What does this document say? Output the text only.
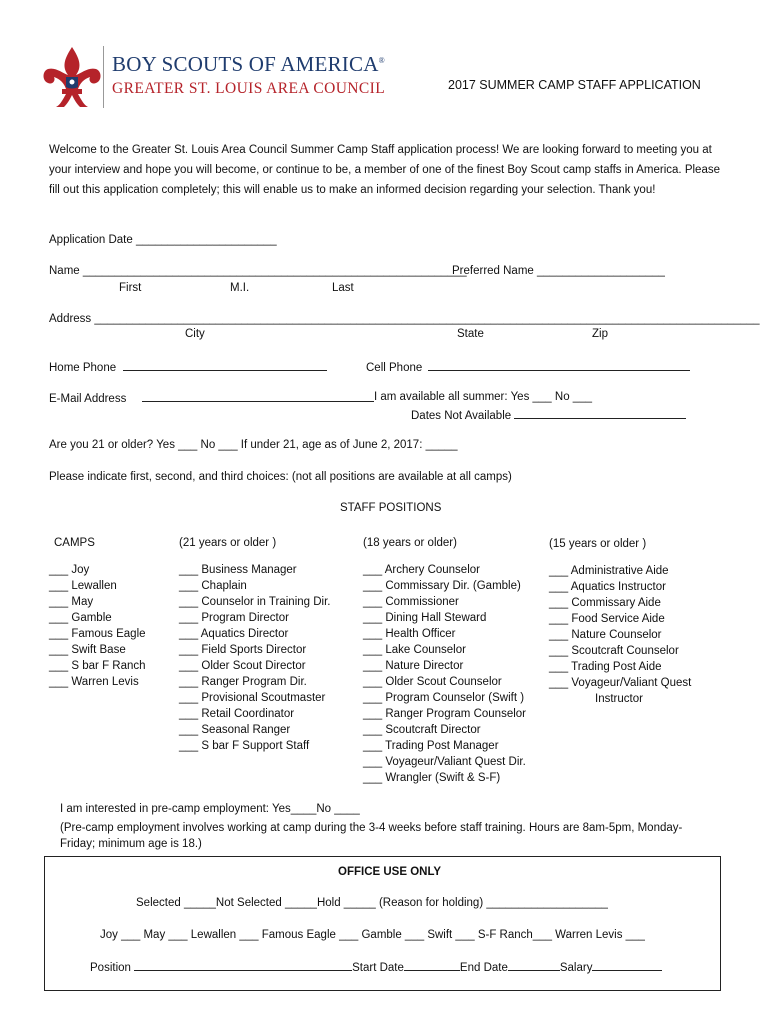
BOY SCOUTS OF AMERICA®
GREATER ST. LOUIS AREA COUNCIL	2017 SUMMER CAMP STAFF APPLICATION
Welcome to the Greater St. Louis Area Council Summer Camp Staff application process! We are looking forward to meeting you at your interview and hope you will become, or continue to be, a member of one of the finest Boy Scout camp staffs in America. Please fill out this application completely; this will enable us to make an informed decision regarding your selection. Thank you!
Application Date ______________________
Name ____________________________________________________________
Preferred Name ____________________
First	M.I.	Last
Address ________________________________________________________________________________________________________
City	State	Zip
Home Phone	Cell Phone
E-Mail Address	I am available all summer: Yes ___ No ___
Dates Not Available
Are you 21 or older? Yes ___ No ___ If under 21, age as of June 2, 2017: _____
Please indicate first, second, and third choices: (not all positions are available at all camps)
STAFF POSITIONS
CAMPS	(21 years or older )	(18 years or older)	(15 years or older )
___ Joy
___ Lewallen
___ May
___ Gamble
___ Famous Eagle
___ Swift Base
___ S bar F Ranch
___ Warren Levis
___ Business Manager
___ Chaplain
___ Counselor in Training Dir.
___ Program Director
___ Aquatics Director
___ Field Sports Director
___ Older Scout Director
___ Ranger Program Dir.
___ Provisional Scoutmaster
___ Retail Coordinator
___ Seasonal Ranger
___ S bar F Support Staff
___ Archery Counselor
___ Commissary Dir. (Gamble)
___ Commissioner
___ Dining Hall Steward
___ Health Officer
___ Lake Counselor
___ Nature Director
___ Older Scout Counselor
___ Program Counselor (Swift )
___ Ranger Program Counselor
___ Scoutcraft Director
___ Trading Post Manager
___ Voyageur/Valiant Quest Dir.
___ Wrangler (Swift & S-F)
___ Administrative Aide
___ Aquatics Instructor
___ Commissary Aide
___ Food Service Aide
___ Nature Counselor
___ Scoutcraft Counselor
___ Trading Post Aide
___ Voyageur/Valiant Quest
Instructor
I am interested in pre-camp employment: Yes____No ____
(Pre-camp employment involves working at camp during the 3-4 weeks before staff training. Hours are 8am-5pm, Monday-
Friday; minimum age is 18.)
OFFICE USE ONLY
Selected _____Not Selected _____Hold _____ (Reason for holding) ___________________
Joy ___ May ___ Lewallen ___ Famous Eagle ___ Gamble ___ Swift ___ S-F Ranch___ Warren Levis ___
Position	Start Date	End Date	Salary
